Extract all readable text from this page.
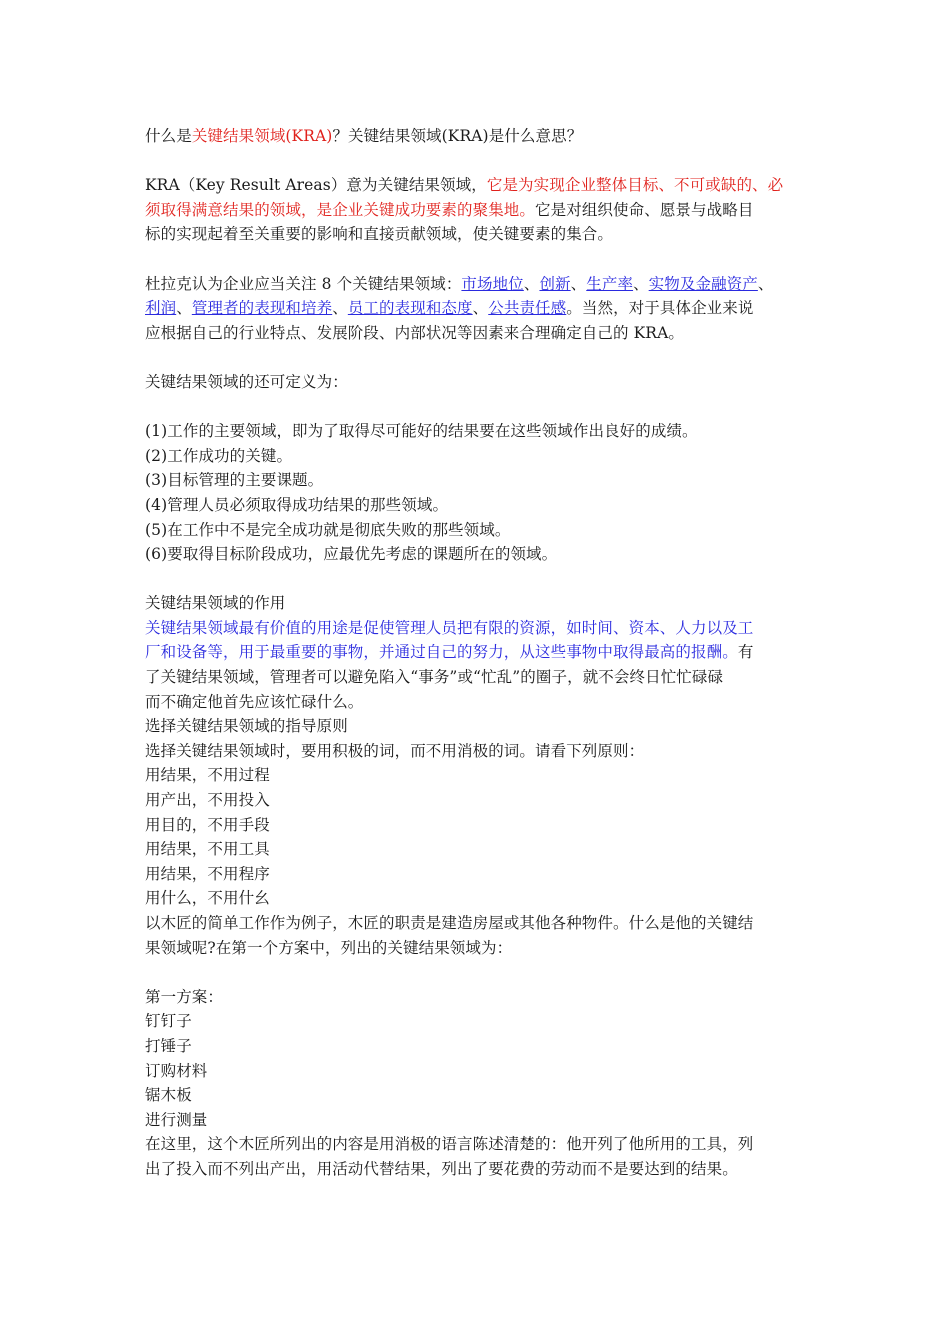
什么是关键结果领域(KRA)？关键结果领域(KRA)是什么意思？
KRA（Key Result Areas）意为关键结果领域，它是为实现企业整体目标、不可或缺的、必
须取得满意结果的领域，是企业关键成功要素的聚集地。它是对组织使命、愿景与战略目
标的实现起着至关重要的影响和直接贡献领域，使关键要素的集合。
杜拉克认为企业应当关注 8 个关键结果领域：市场地位、创新、生产率、实物及金融资产、
利润、管理者的表现和培养、员工的表现和态度、公共责任感。当然，对于具体企业来说
应根据自己的行业特点、发展阶段、内部状况等因素来合理确定自己的 KRA。
关键结果领域的还可定义为：
(1)工作的主要领域，即为了取得尽可能好的结果要在这些领域作出良好的成绩。
(2)工作成功的关键。
(3)目标管理的主要课题。
(4)管理人员必须取得成功结果的那些领域。
(5)在工作中不是完全成功就是彻底失败的那些领域。
(6)要取得目标阶段成功，应最优先考虑的课题所在的领域。
关键结果领域的作用
关键结果领域最有价值的用途是促使管理人员把有限的资源，如时间、资本、人力以及工
厂和设备等，用于最重要的事物，并通过自己的努力，从这些事物中取得最高的报酬。有
了关键结果领域，管理者可以避免陷入“事务”或“忙乱”的圈子，就不会终日忙忙碌碌
而不确定他首先应该忙碌什么。
选择关键结果领域的指导原则
选择关键结果领域时，要用积极的词，而不用消极的词。请看下列原则：
用结果，不用过程
用产出，不用投入
用目的，不用手段
用结果，不用工具
用结果，不用程序
用什么，不用什幺
以木匠的简单工作作为例子，木匠的职责是建造房屋或其他各种物件。什么是他的关键结
果领域呢?在第一个方案中，列出的关键结果领域为：
第一方案：
钉钉子
打锤子
订购材料
锯木板
进行测量
在这里，这个木匠所列出的内容是用消极的语言陈述清楚的：他开列了他所用的工具，列
出了投入而不列出产出，用活动代替结果，列出了要花费的劳动而不是要达到的结果。
